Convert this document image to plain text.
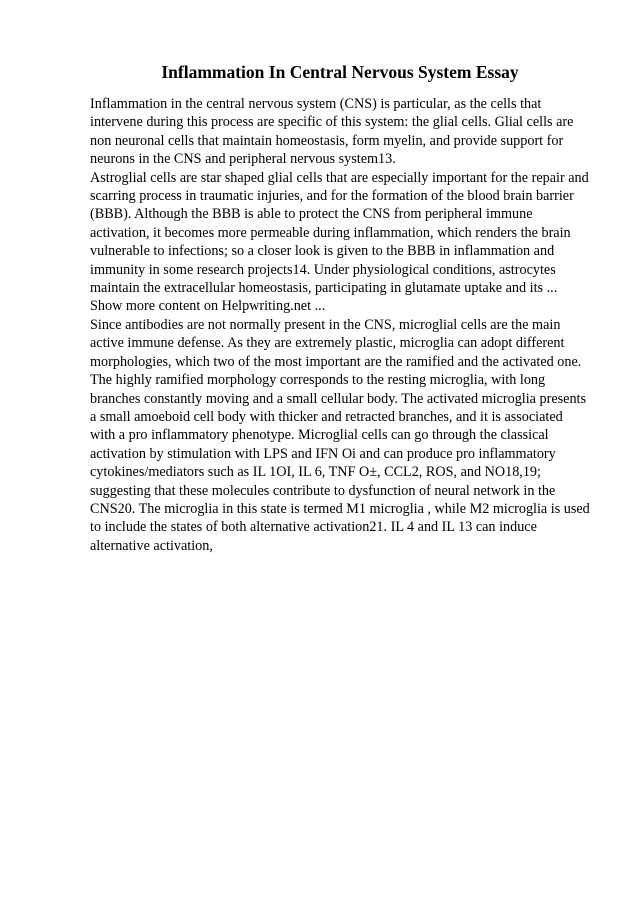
Inflammation In Central Nervous System Essay

Inflammation in the central nervous system (CNS) is particular, as the cells that intervene during this process are specific of this system: the glial cells. Glial cells are non neuronal cells that maintain homeostasis, form myelin, and provide support for neurons in the CNS and peripheral nervous system13.

Astroglial cells are star shaped glial cells that are especially important for the repair and scarring process in traumatic injuries, and for the formation of the blood brain barrier (BBB). Although the BBB is able to protect the CNS from peripheral immune activation, it becomes more permeable during inflammation, which renders the brain vulnerable to infections; so a closer look is given to the BBB in inflammation and immunity in some research projects14. Under physiological conditions, astrocytes maintain the extracellular homeostasis, participating in glutamate uptake and its ...

Show more content on Helpwriting.net ...

Since antibodies are not normally present in the CNS, microglial cells are the main active immune defense. As they are extremely plastic, microglia can adopt different morphologies, which two of the most important are the ramified and the activated one. The highly ramified morphology corresponds to the resting microglia, with long branches constantly moving and a small cellular body. The activated microglia presents a small amoeboid cell body with thicker and retracted branches, and it is associated with a pro inflammatory phenotype. Microglial cells can go through the classical activation by stimulation with LPS and IFN Oi and can produce pro inflammatory cytokines/mediators such as IL 1OI, IL 6, TNF O±, CCL2, ROS, and NO18,19; suggesting that these molecules contribute to dysfunction of neural network in the CNS20. The microglia in this state is termed M1 microglia , while M2 microglia is used to include the states of both alternative activation21. IL 4 and IL 13 can induce alternative activation,
